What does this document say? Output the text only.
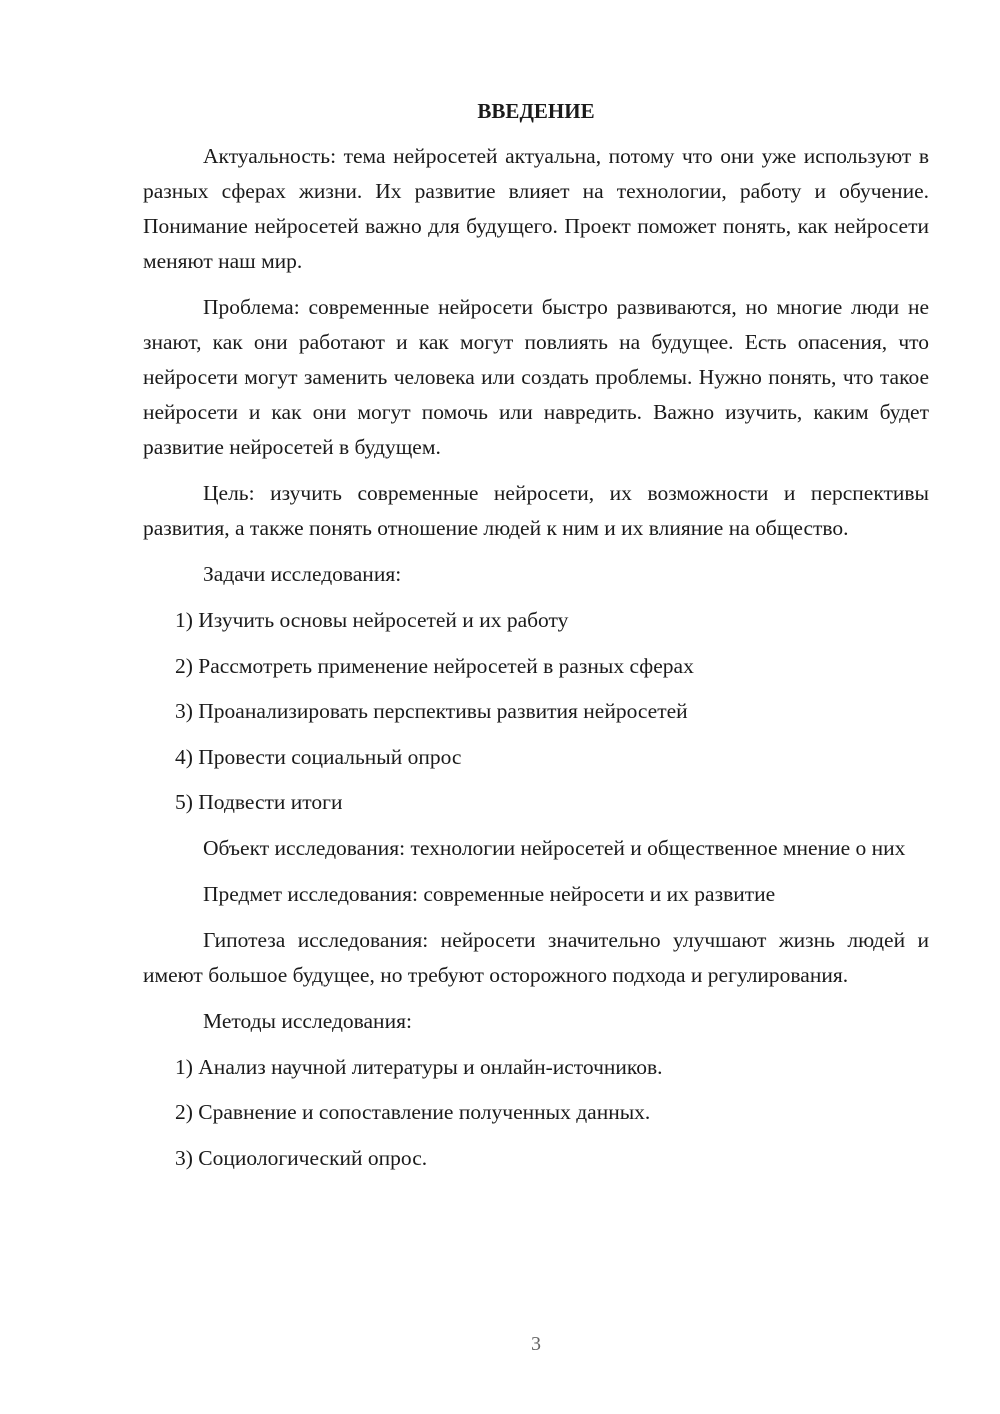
ВВЕДЕНИЕ

Актуальность: тема нейросетей актуальна, потому что они уже используют в разных сферах жизни. Их развитие влияет на технологии, работу и обучение. Понимание нейросетей важно для будущего. Проект поможет понять, как нейросети меняют наш мир.

Проблема: современные нейросети быстро развиваются, но многие люди не знают, как они работают и как могут повлиять на будущее. Есть опасения, что нейросети могут заменить человека или создать проблемы. Нужно понять, что такое нейросети и как они могут помочь или навредить. Важно изучить, каким будет развитие нейросетей в будущем.

Цель: изучить современные нейросети, их возможности и перспективы развития, а также понять отношение людей к ним и их влияние на общество.

Задачи исследования:

1) Изучить основы нейросетей и их работу
2) Рассмотреть применение нейросетей в разных сферах
3) Проанализировать перспективы развития нейросетей
4) Провести социальный опрос
5) Подвести итоги

Объект исследования: технологии нейросетей и общественное мнение о них

Предмет исследования: современные нейросети и их развитие

Гипотеза исследования: нейросети значительно улучшают жизнь людей и имеют большое будущее, но требуют осторожного подхода и регулирования.

Методы исследования:

1) Анализ научной литературы и онлайн-источников.
2) Сравнение и сопоставление полученных данных.
3) Социологический опрос.
3
